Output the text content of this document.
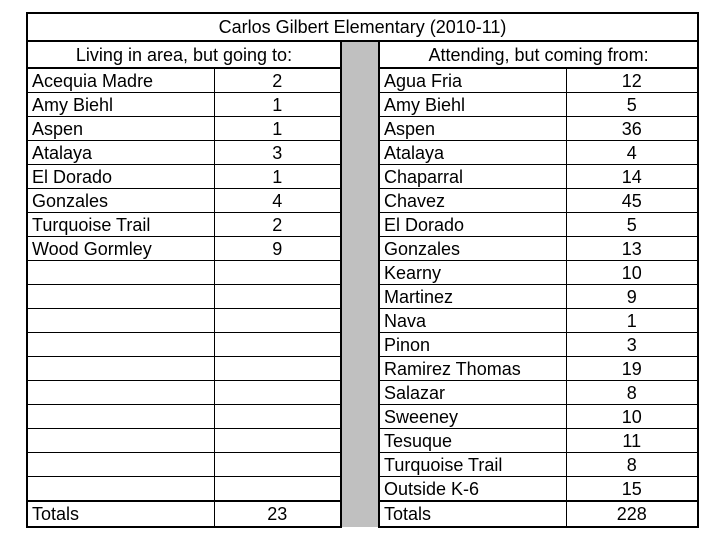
Carlos Gilbert Elementary (2010-11)				
Living in area, but going to:			Attending, but coming from:	
Acequia Madre	2		Agua Fria	12
Amy Biehl	1		Amy Biehl	5
Aspen	1		Aspen	36
Atalaya	3		Atalaya	4
El Dorado	1		Chaparral	14
Gonzales	4		Chavez	45
Turquoise Trail	2		El Dorado	5
Wood Gormley	9		Gonzales	13
			Kearny	10
			Martinez	9
			Nava	1
			Pinon	3
			Ramirez Thomas	19
			Salazar	8
			Sweeney	10
			Tesuque	11
			Turquoise Trail	8
			Outside K-6	15
Totals	23		Totals	228
